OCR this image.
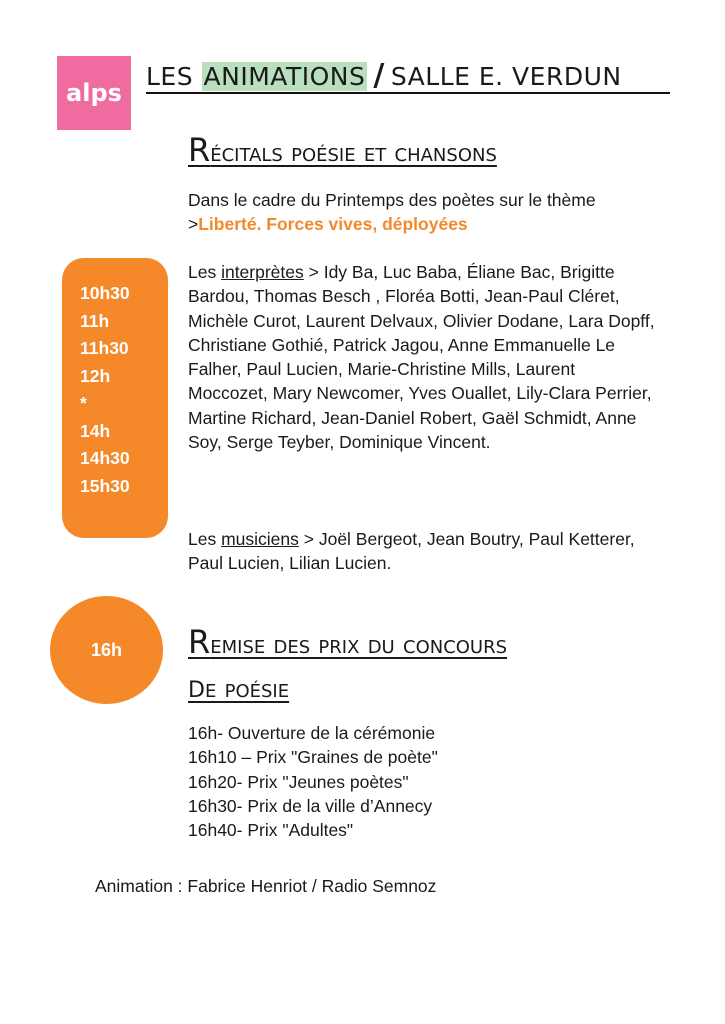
alps
LES ANIMATIONS / SALLE E. VERDUN
Récitals poésie et chansons
Dans le cadre du Printemps des poètes sur le thème >Liberté. Forces vives, déployées
10h30
11h
11h30
12h
*
14h
14h30
15h30
Les interprètes > Idy Ba, Luc Baba, Éliane Bac, Brigitte Bardou, Thomas Besch , Floréa Botti, Jean-Paul Cléret, Michèle Curot, Laurent Delvaux, Olivier Dodane, Lara Dopff, Christiane Gothié, Patrick Jagou, Anne Emmanuelle Le Falher, Paul Lucien, Marie-Christine Mills, Laurent Moccozet, Mary Newcomer, Yves Ouallet, Lily-Clara Perrier, Martine Richard, Jean-Daniel Robert, Gaël Schmidt, Anne Soy, Serge Teyber, Dominique Vincent.
Les musiciens > Joël Bergeot, Jean Boutry, Paul Ketterer, Paul Lucien, Lilian Lucien.
16h	Remise des prix du concours
de poésie
16h- Ouverture de la cérémonie
16h10 – Prix "Graines de poète"
16h20- Prix "Jeunes poètes"
16h30- Prix de la ville d’Annecy
16h40- Prix "Adultes"
Animation : Fabrice Henriot / Radio Semnoz
